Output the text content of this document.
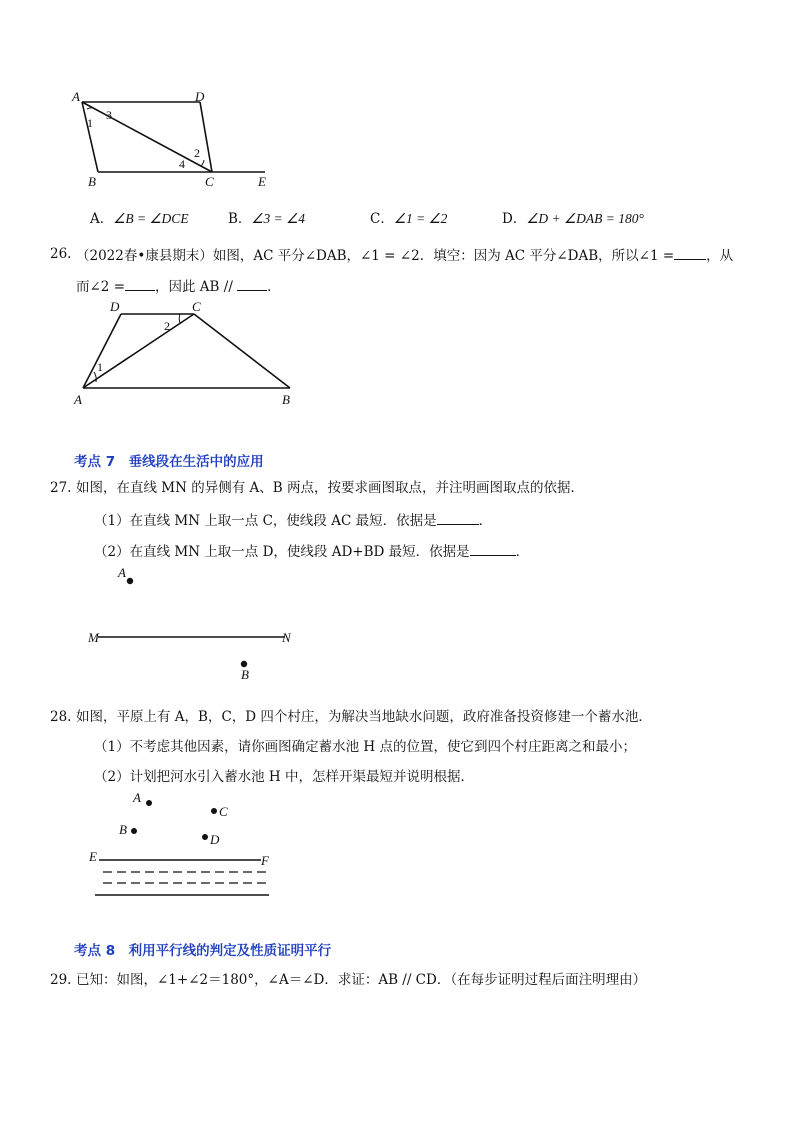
A	D
B	C	E
1
3
2
4
A．∠B = ∠DCE	B．∠3 = ∠4	C．∠1 = ∠2	D．∠D + ∠DAB = 180°
26. （2022春•康县期末）如图，AC 平分∠DAB，∠1 = ∠2．填空：因为 AC 平分∠DAB，所以∠1 = ，从
而∠2 = ，因此 AB // ．
D	C
A	B
1
2
考点 7　垂线段在生活中的应用
27. 如图，在直线 MN 的异侧有 A、B 两点，按要求画图取点，并注明画图取点的依据．
（1）在直线 MN 上取一点 C，使线段 AC 最短．依据是	．
（2）在直线 MN 上取一点 D，使线段 AD+BD 最短．依据是	．
A
B
M	N
28. 如图，平原上有 A，B，C，D 四个村庄，为解决当地缺水问题，政府准备投资修建一个蓄水池．
（1）不考虑其他因素，请你画图确定蓄水池 H 点的位置，使它到四个村庄距离之和最小；
（2）计划把河水引入蓄水池 H 中，怎样开渠最短并说明根据．
A
C
B
D
E	F
考点 8　利用平行线的判定及性质证明平行
29. 已知：如图，∠1+∠2＝180°，∠A＝∠D．求证：AB // CD．（在每步证明过程后面注明理由）
